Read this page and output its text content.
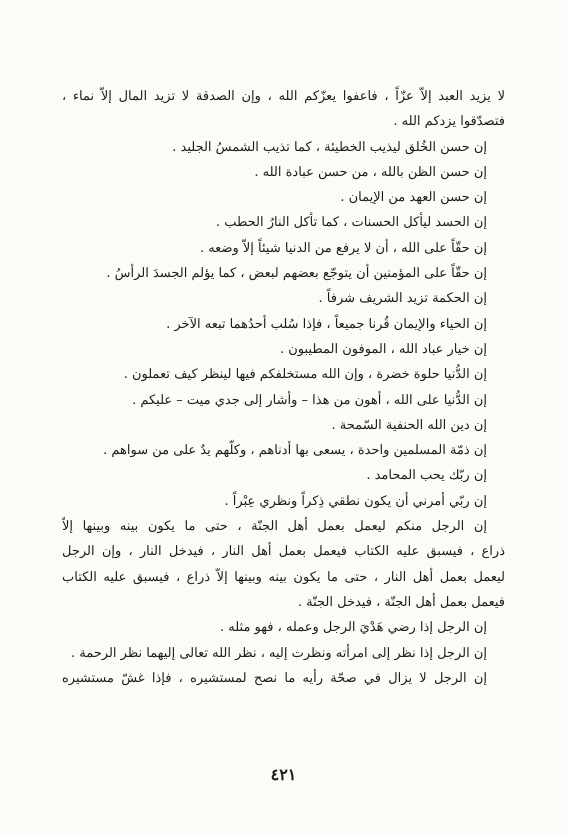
لا يزيد العبد إلاّ عزّاً ، فاعفوا يعزّكم الله ، وإن الصدقة لا تزيد المال إلاّ نماء ،
فتصدّقوا يزدكم الله .
إن حسن الخُلق ليذيب الخطيئة ، كما تذيب الشمسُ الجليد .
إن حسن الظن بالله ، من حسن عبادة الله .
إن حسن العهد من الإيمان .
إن الحسد ليأكل الحسنات ، كما تأكل النارُ الحطب .
إن حقّاً على الله ، أن لا يرفع من الدنيا شيئاً إلاّ وضعه .
إن حقّاً على المؤمنين أن يتوجّع بعضهم لبعض ، كما يؤلم الجسدَ الرأسُ .
إن الحكمة تزيد الشريف شرفاً .
إن الحياء والإيمان قُرنا جميعاً ، فإذا سُلب أحدُهما تبعه الآخر .
إن خيار عباد الله ، الموفون المطيبون .
إن الدُّنيا حلوة خضرة ، وإن الله مستخلفكم فيها لينظر كيف تعملون .
إن الدُّنيا على الله ، أهون من هذا – وأشار إلى جدي ميت – عليكم .
إن دين الله الحنفية السّمحة .
إن ذمّة المسلمين واحدة ، يسعى بها أدناهم ، وكلّهم يدٌ على من سواهم .
إن ربّك يحب المحامد .
إن ربّي أمرني أن يكون نطقي ذِكراً ونظري عِبْراً .
إن الرجل منكم ليعمل بعمل أهل الجنّة ، حتى ما يكون بينه وبينها إلاّ
ذراع ، فيسبق عليه الكتاب فيعمل بعمل أهل النار ، فيدخل النار ، وإن الرجل
ليعمل بعمل أهل النار ، حتى ما يكون بينه وبينها إلاّ ذراع ، فيسبق عليه الكتاب
فيعمل بعمل أهل الجنّة ، فيدخل الجنّة .
إن الرجل إذا رضي هَدْيَ الرجل وعمله ، فهو مثله .
إن الرجل إذا نظر إلى امرأته ونظرت إليه ، نظر الله تعالى إليهما نظر الرحمة .
إن الرجل لا يزال في صحّة رأيه ما نصح لمستشيره ، فإذا غشّ مستشيره
٤٢١
